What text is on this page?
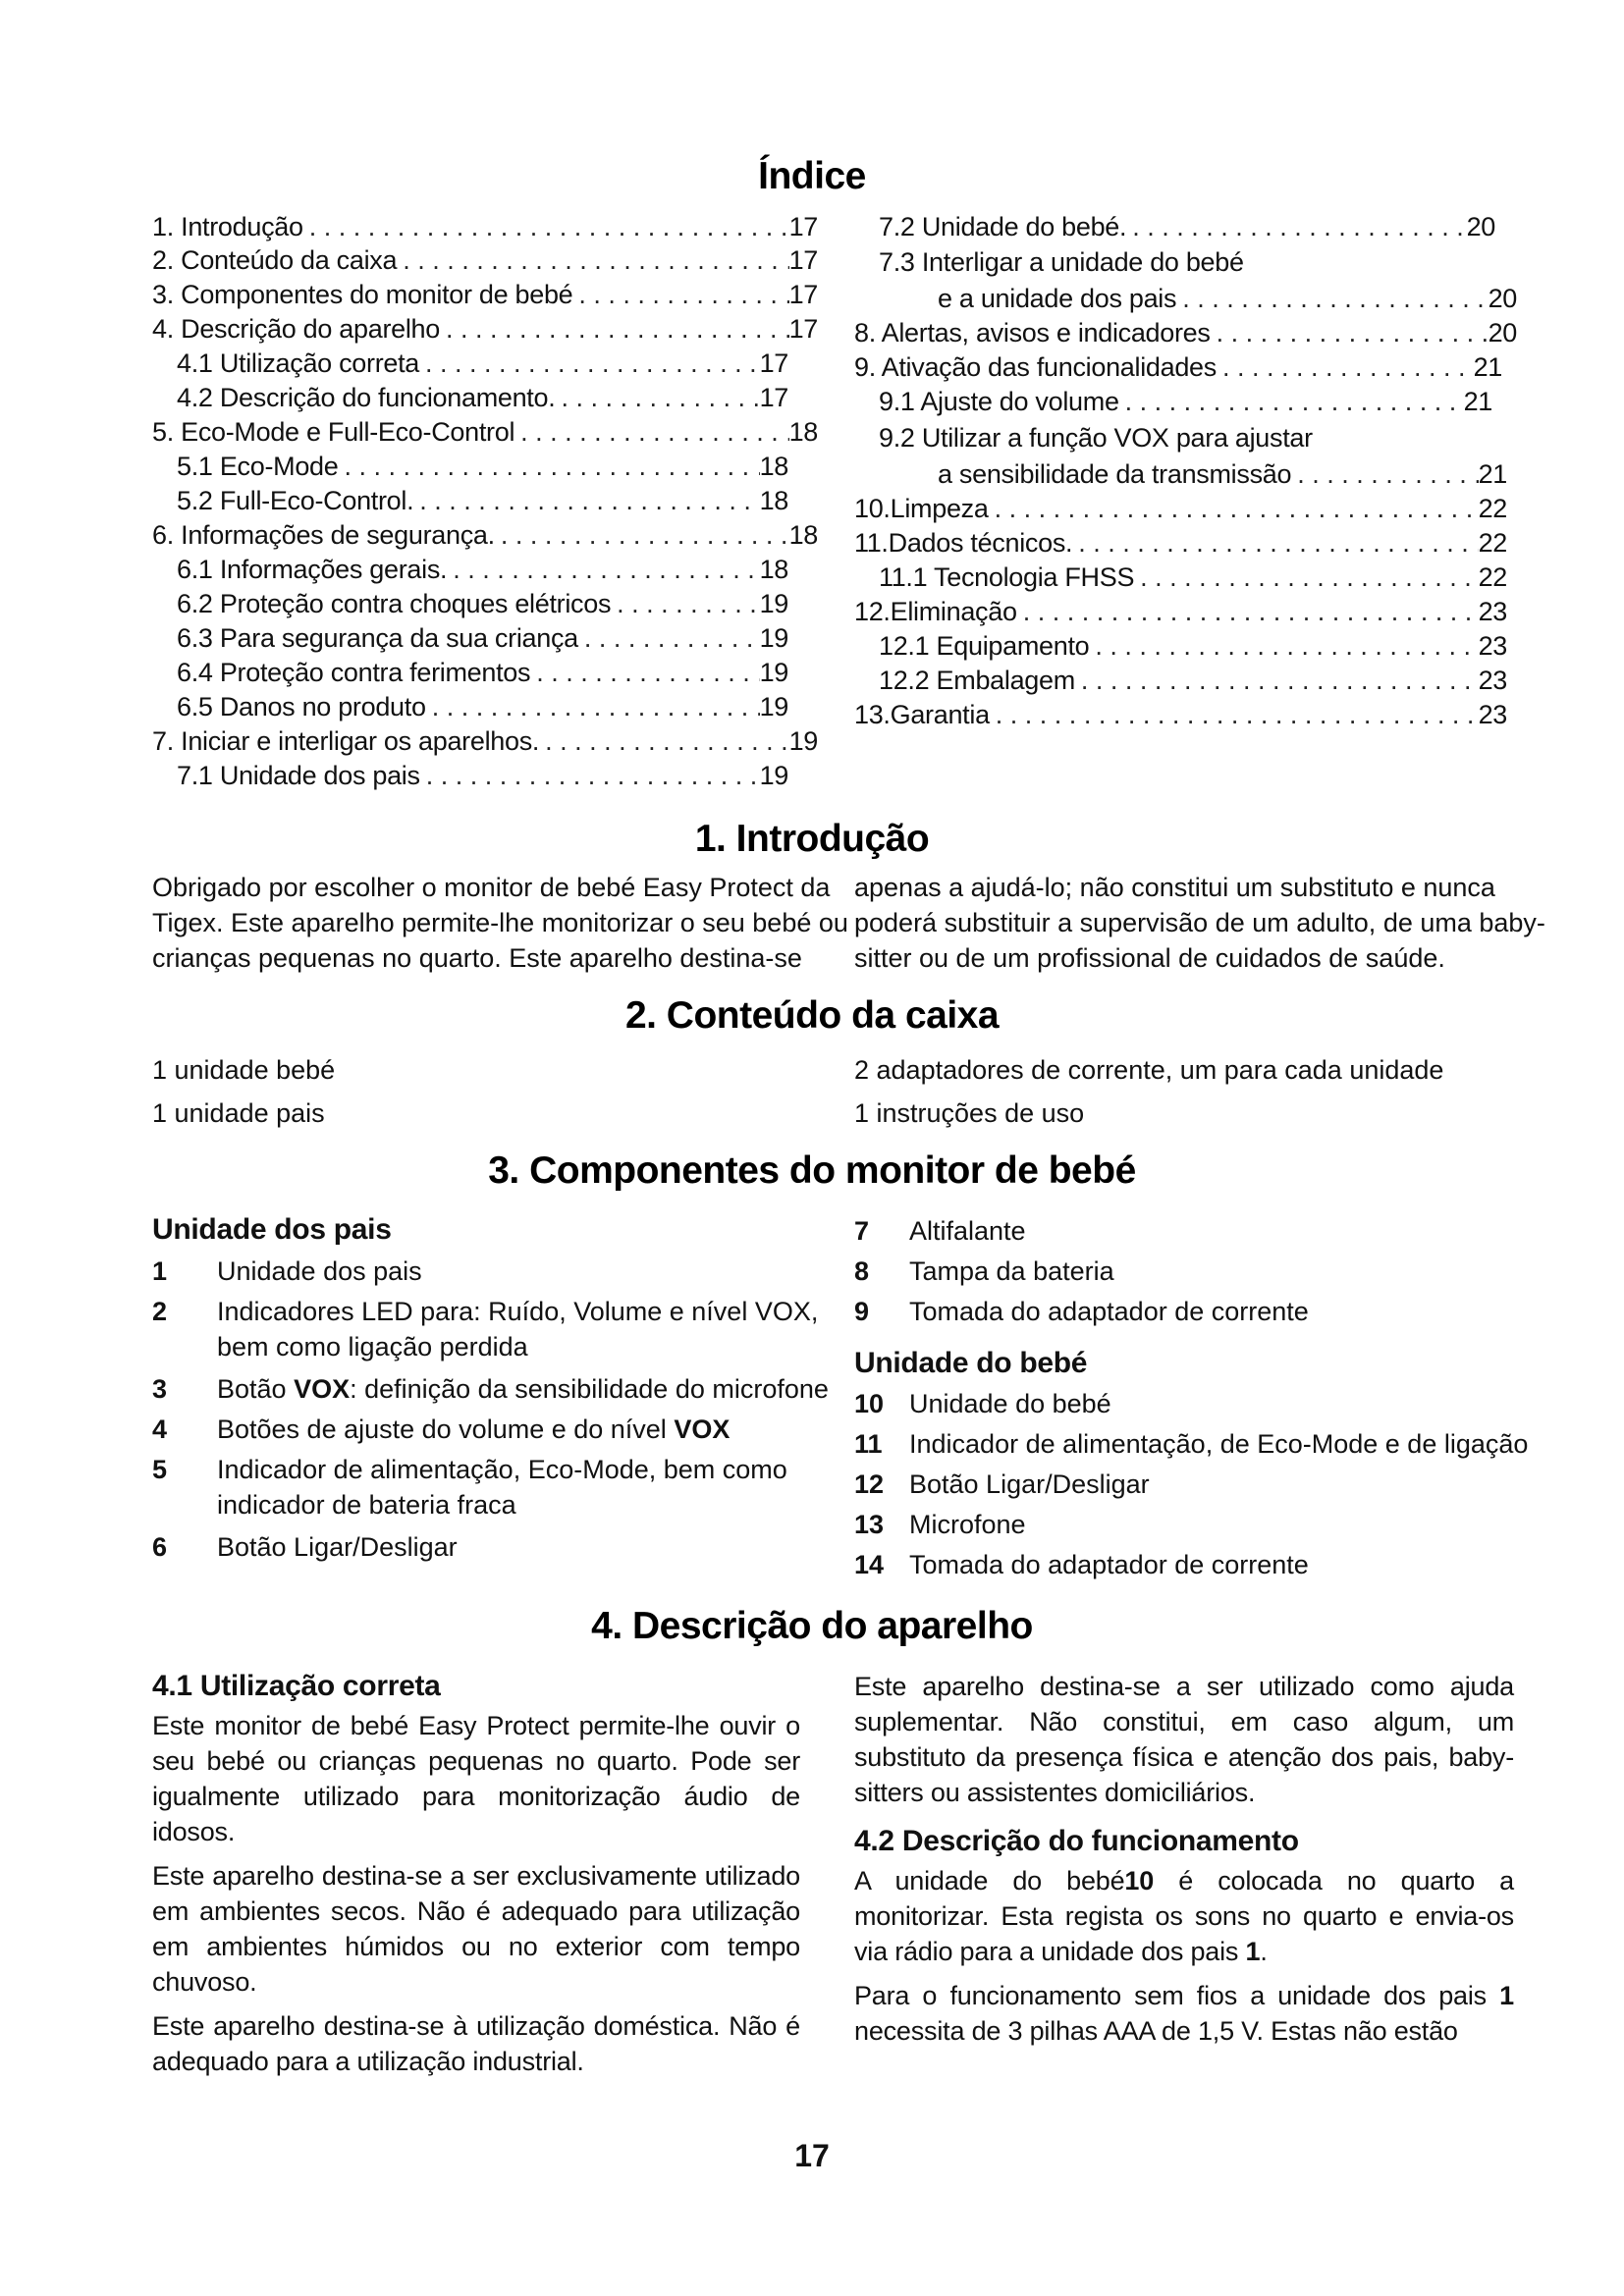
Índice
1. Introdução . . .	17
2. Conteúdo da caixa . . .	17
3. Componentes do monitor de bebé . . .	17
4. Descrição do aparelho . . .	17
4.1 Utilização correta . . .	17
4.2 Descrição do funcionamento. . . .	17
5. Eco-Mode e Full-Eco-Control . . .	18
5.1 Eco-Mode . . .	18
5.2 Full-Eco-Control. . . .	18
6. Informações de segurança. . . .	18
6.1 Informações gerais. . . .	18
6.2 Proteção contra choques elétricos . . .	19
6.3 Para segurança da sua criança . . .	19
6.4 Proteção contra ferimentos . . .	19
6.5 Danos no produto . . .	19
7. Iniciar e interligar os aparelhos. . . .	19
7.1 Unidade dos pais . . .	19
7.2 Unidade do bebé. . . .	20
7.3 Interligar a unidade do bebé
e a unidade dos pais . . .	20
8. Alertas, avisos e indicadores . . .	20
9. Ativação das funcionalidades . . .	21
9.1 Ajuste do volume . . .	21
9.2 Utilizar a função VOX para ajustar
a sensibilidade da transmissão . . .	21
10.Limpeza . . .	22
11.Dados técnicos. . . .	22
11.1 Tecnologia FHSS . . .	22
12.Eliminação . . .	23
12.1 Equipamento . . .	23
12.2 Embalagem . . .	23
13.Garantia . . .	23
1. Introdução
Obrigado por escolher o monitor de bebé Easy Protect da
Tigex. Este aparelho permite-lhe monitorizar o seu bebé ou
crianças pequenas no quarto. Este aparelho destina-se
apenas a ajudá-lo; não constitui um substituto e nunca
poderá substituir a supervisão de um adulto, de uma baby-
sitter ou de um profissional de cuidados de saúde.
2. Conteúdo da caixa
1 unidade bebé
1 unidade pais
2 adaptadores de corrente, um para cada unidade
1 instruções de uso
3. Componentes do monitor de bebé
Unidade dos pais
1 Unidade dos pais
2 Indicadores LED para: Ruído, Volume e nível VOX,
bem como ligação perdida
3 Botão VOX: definição da sensibilidade do microfone
4 Botões de ajuste do volume e do nível VOX
5 Indicador de alimentação, Eco-Mode, bem como
indicador de bateria fraca
6 Botão Ligar/Desligar
7 Altifalante
8 Tampa da bateria
9 Tomada do adaptador de corrente
Unidade do bebé
10 Unidade do bebé
11 Indicador de alimentação, de Eco-Mode e de ligação
12 Botão Ligar/Desligar
13 Microfone
14 Tomada do adaptador de corrente
4. Descrição do aparelho
4.1 Utilização correta

Este monitor de bebé Easy Protect permite-lhe ouvir o seu bebé ou crianças pequenas no quarto. Pode ser igualmente utilizado para monitorização áudio de idosos.

Este aparelho destina-se a ser exclusivamente utilizado em ambientes secos. Não é adequado para utilização em ambientes húmidos ou no exterior com tempo chuvoso.

Este aparelho destina-se à utilização doméstica. Não é adequado para a utilização industrial.

Este aparelho destina-se a ser utilizado como ajuda suplementar. Não constitui, em caso algum, um substituto da presença física e atenção dos pais, baby-sitters ou assistentes domiciliários.

4.2 Descrição do funcionamento

A unidade do bebé10 é colocada no quarto a monitorizar. Esta regista os sons no quarto e envia-os via rádio para a unidade dos pais 1.

Para o funcionamento sem fios a unidade dos pais 1 necessita de 3 pilhas AAA de 1,5 V. Estas não estão

17
